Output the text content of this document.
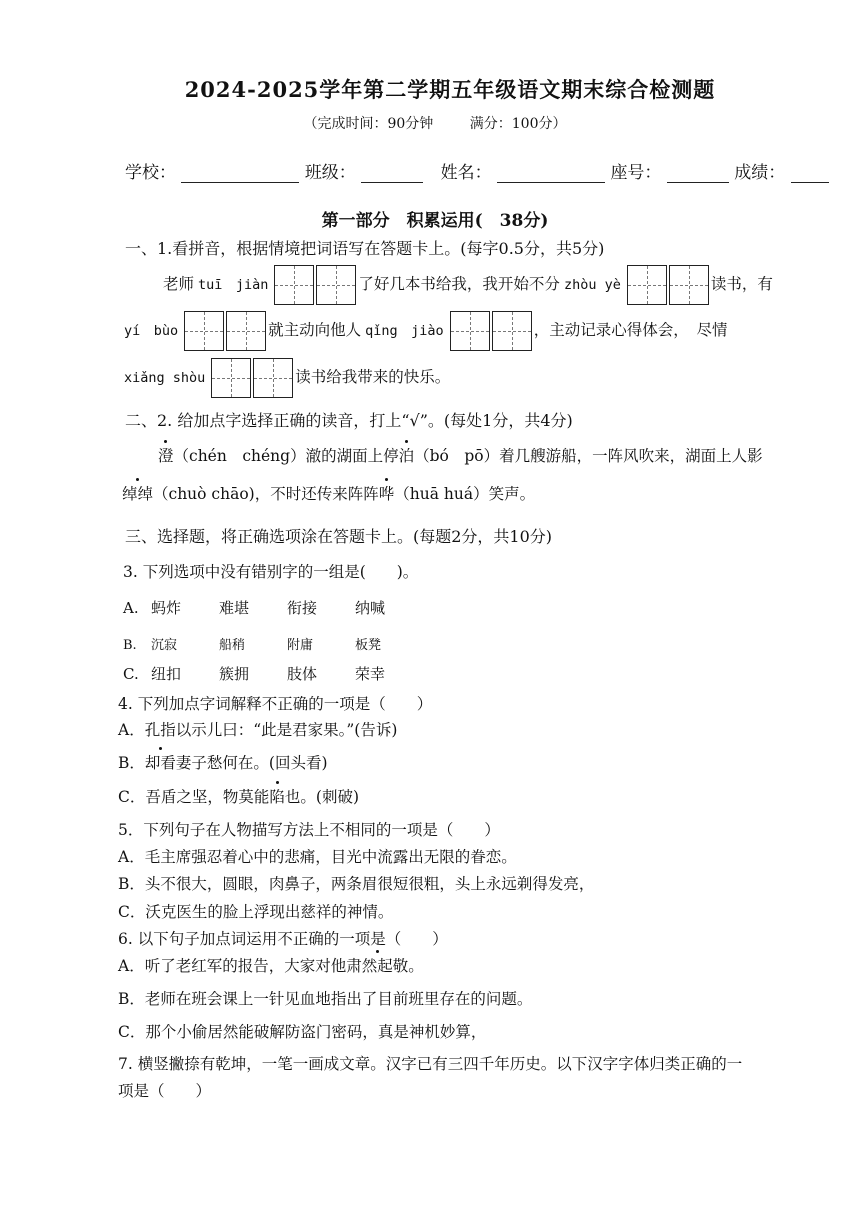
2024-2025学年第二学期五年级语文期末综合检测题
（完成时间：90分钟	满分：100分）
学校：	班级：	姓名：	座号：	成绩：
第一部分　积累运用(　38分)
一、1.看拼音，根据情境把词语写在答题卡上。(每字0.5分，共5分)
老师 tuī　jiàn	了好几本书给我，我开始不分 zhòu yè	读书，有
yí　bùo	就主动向他人 qǐng　jiào	，主动记录心得体会，　尽情
xiǎng shòu	读书给我带来的快乐。
二、2. 给加点字选择正确的读音，打上“√”。(每处1分，共4分)
澄（chén　chéng）澈的湖面上停泊（bó　pō）着几艘游船，一阵风吹来，湖面上人影
绰绰（chuò chāo)，不时还传来阵阵哗（huā huá）笑声。
三、选择题，将正确选项涂在答题卡上。(每题2分，共10分)
3. 下列选项中没有错别字的一组是(　　)。
A. 蚂炸	难堪	衔接	纳喊
B. 沉寂	船稍	附庸	板凳
C. 纽扣	簇拥	肢体	荣幸
4. 下列加点字词解释不正确的一项是（　　）
A．孔指以示儿曰：“此是君家果。”(告诉)
B．却看妻子愁何在。(回头看)
C．吾盾之坚，物莫能陷也。(刺破)
5．下列句子在人物描写方法上不相同的一项是（　　）
A．毛主席强忍着心中的悲痛，目光中流露出无限的眷恋。
B．头不很大，圆眼，肉鼻子，两条眉很短很粗，头上永远剃得发亮，
C．沃克医生的脸上浮现出慈祥的神情。
6. 以下句子加点词运用不正确的一项是（　　）
A．听了老红军的报告，大家对他肃然起敬。
B．老师在班会课上一针见血地指出了目前班里存在的问题。
C．那个小偷居然能破解防盗门密码，真是神机妙算，
7. 横竖撇捺有乾坤，一笔一画成文章。汉字已有三四千年历史。以下汉字字体归类正确的一
项是（　　）
